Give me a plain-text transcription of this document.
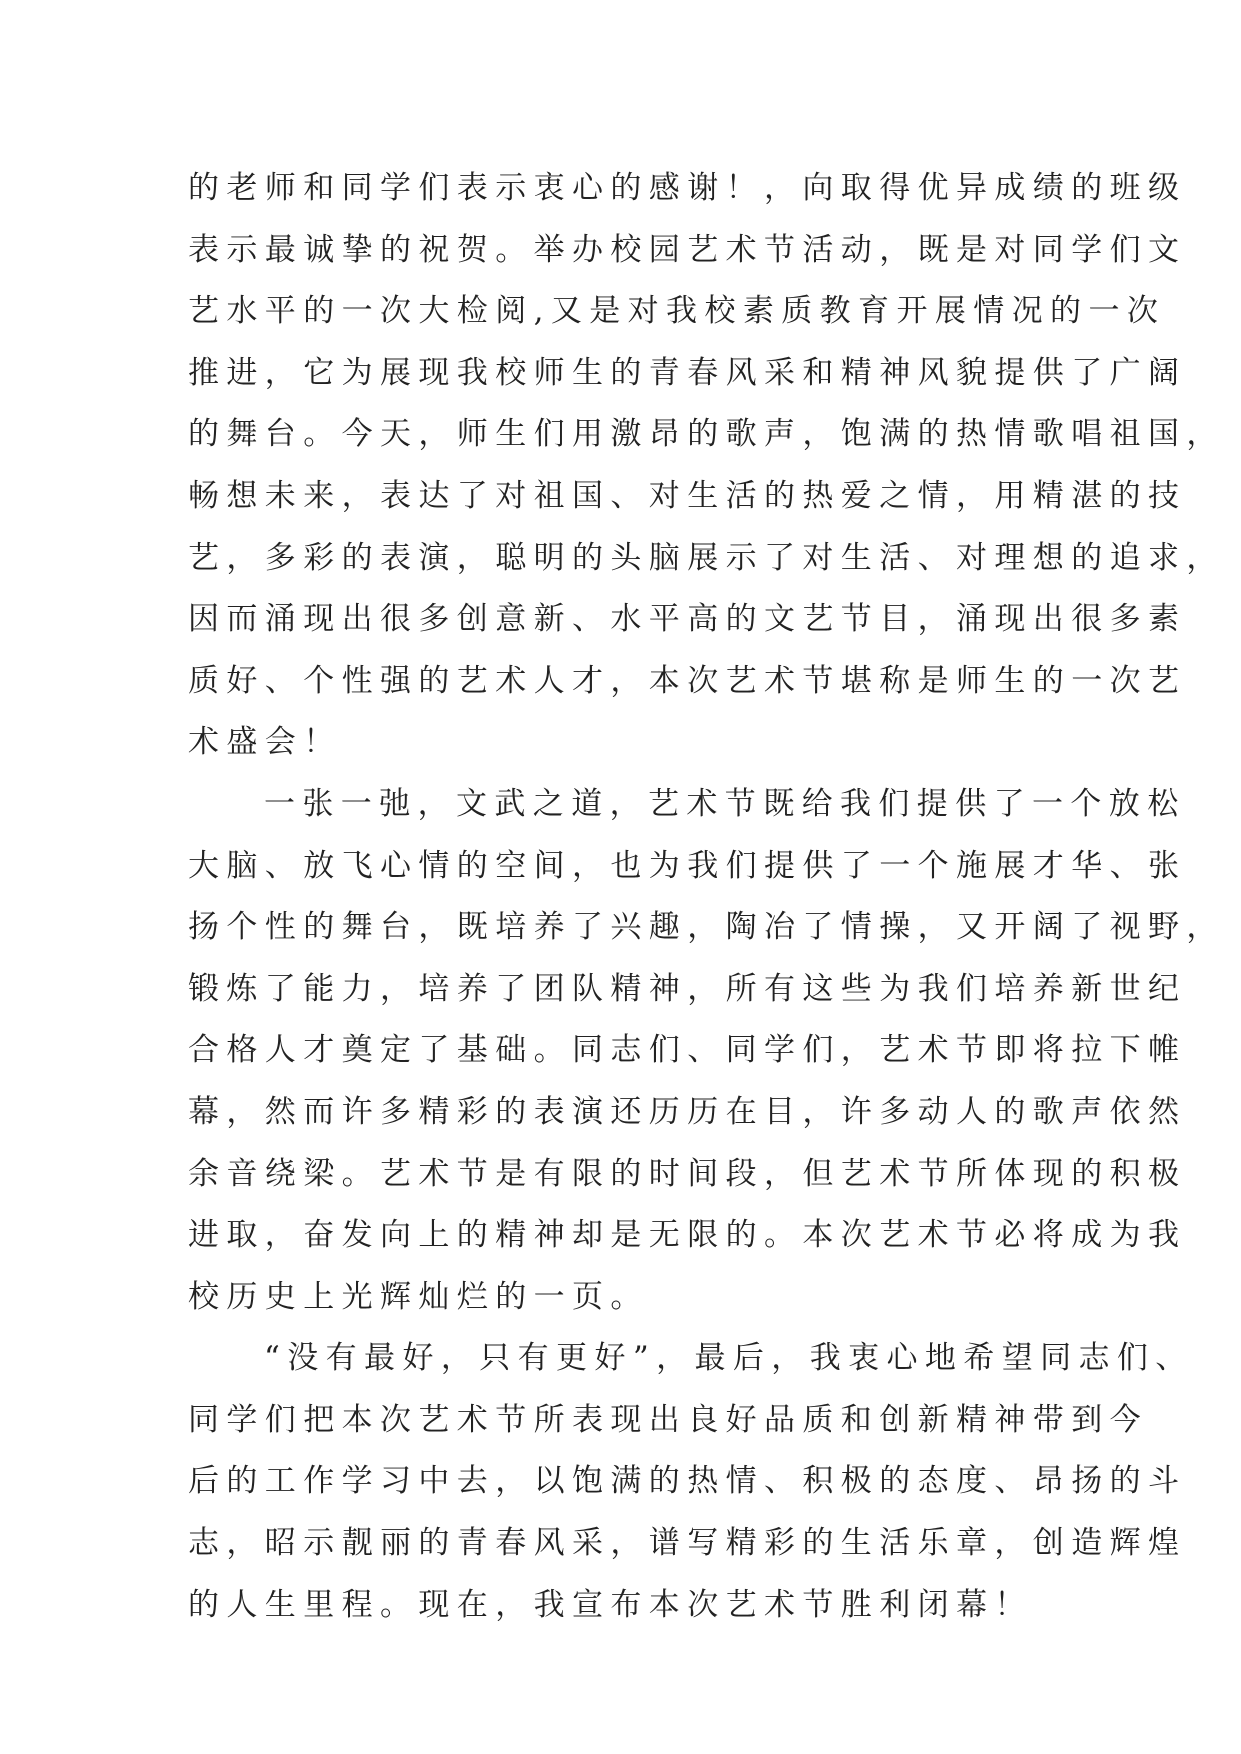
的老师和同学们表示衷心的感谢！，向取得优异成绩的班级
表示最诚挚的祝贺。举办校园艺术节活动，既是对同学们文
艺水平的一次大检阅,又是对我校素质教育开展情况的一次
推进，它为展现我校师生的青春风采和精神风貌提供了广阔
的舞台。今天，师生们用激昂的歌声，饱满的热情歌唱祖国，
畅想未来，表达了对祖国、对生活的热爱之情，用精湛的技
艺，多彩的表演，聪明的头脑展示了对生活、对理想的追求，
因而涌现出很多创意新、水平高的文艺节目，涌现出很多素
质好、个性强的艺术人才，本次艺术节堪称是师生的一次艺
术盛会！
一张一弛，文武之道，艺术节既给我们提供了一个放松
大脑、放飞心情的空间，也为我们提供了一个施展才华、张
扬个性的舞台，既培养了兴趣，陶冶了情操，又开阔了视野，
锻炼了能力，培养了团队精神，所有这些为我们培养新世纪
合格人才奠定了基础。同志们、同学们，艺术节即将拉下帷
幕，然而许多精彩的表演还历历在目，许多动人的歌声依然
余音绕梁。艺术节是有限的时间段，但艺术节所体现的积极
进取，奋发向上的精神却是无限的。本次艺术节必将成为我
校历史上光辉灿烂的一页。
“没有最好，只有更好”，最后，我衷心地希望同志们、
同学们把本次艺术节所表现出良好品质和创新精神带到今
后的工作学习中去，以饱满的热情、积极的态度、昂扬的斗
志，昭示靓丽的青春风采，谱写精彩的生活乐章，创造辉煌
的人生里程。现在，我宣布本次艺术节胜利闭幕！
